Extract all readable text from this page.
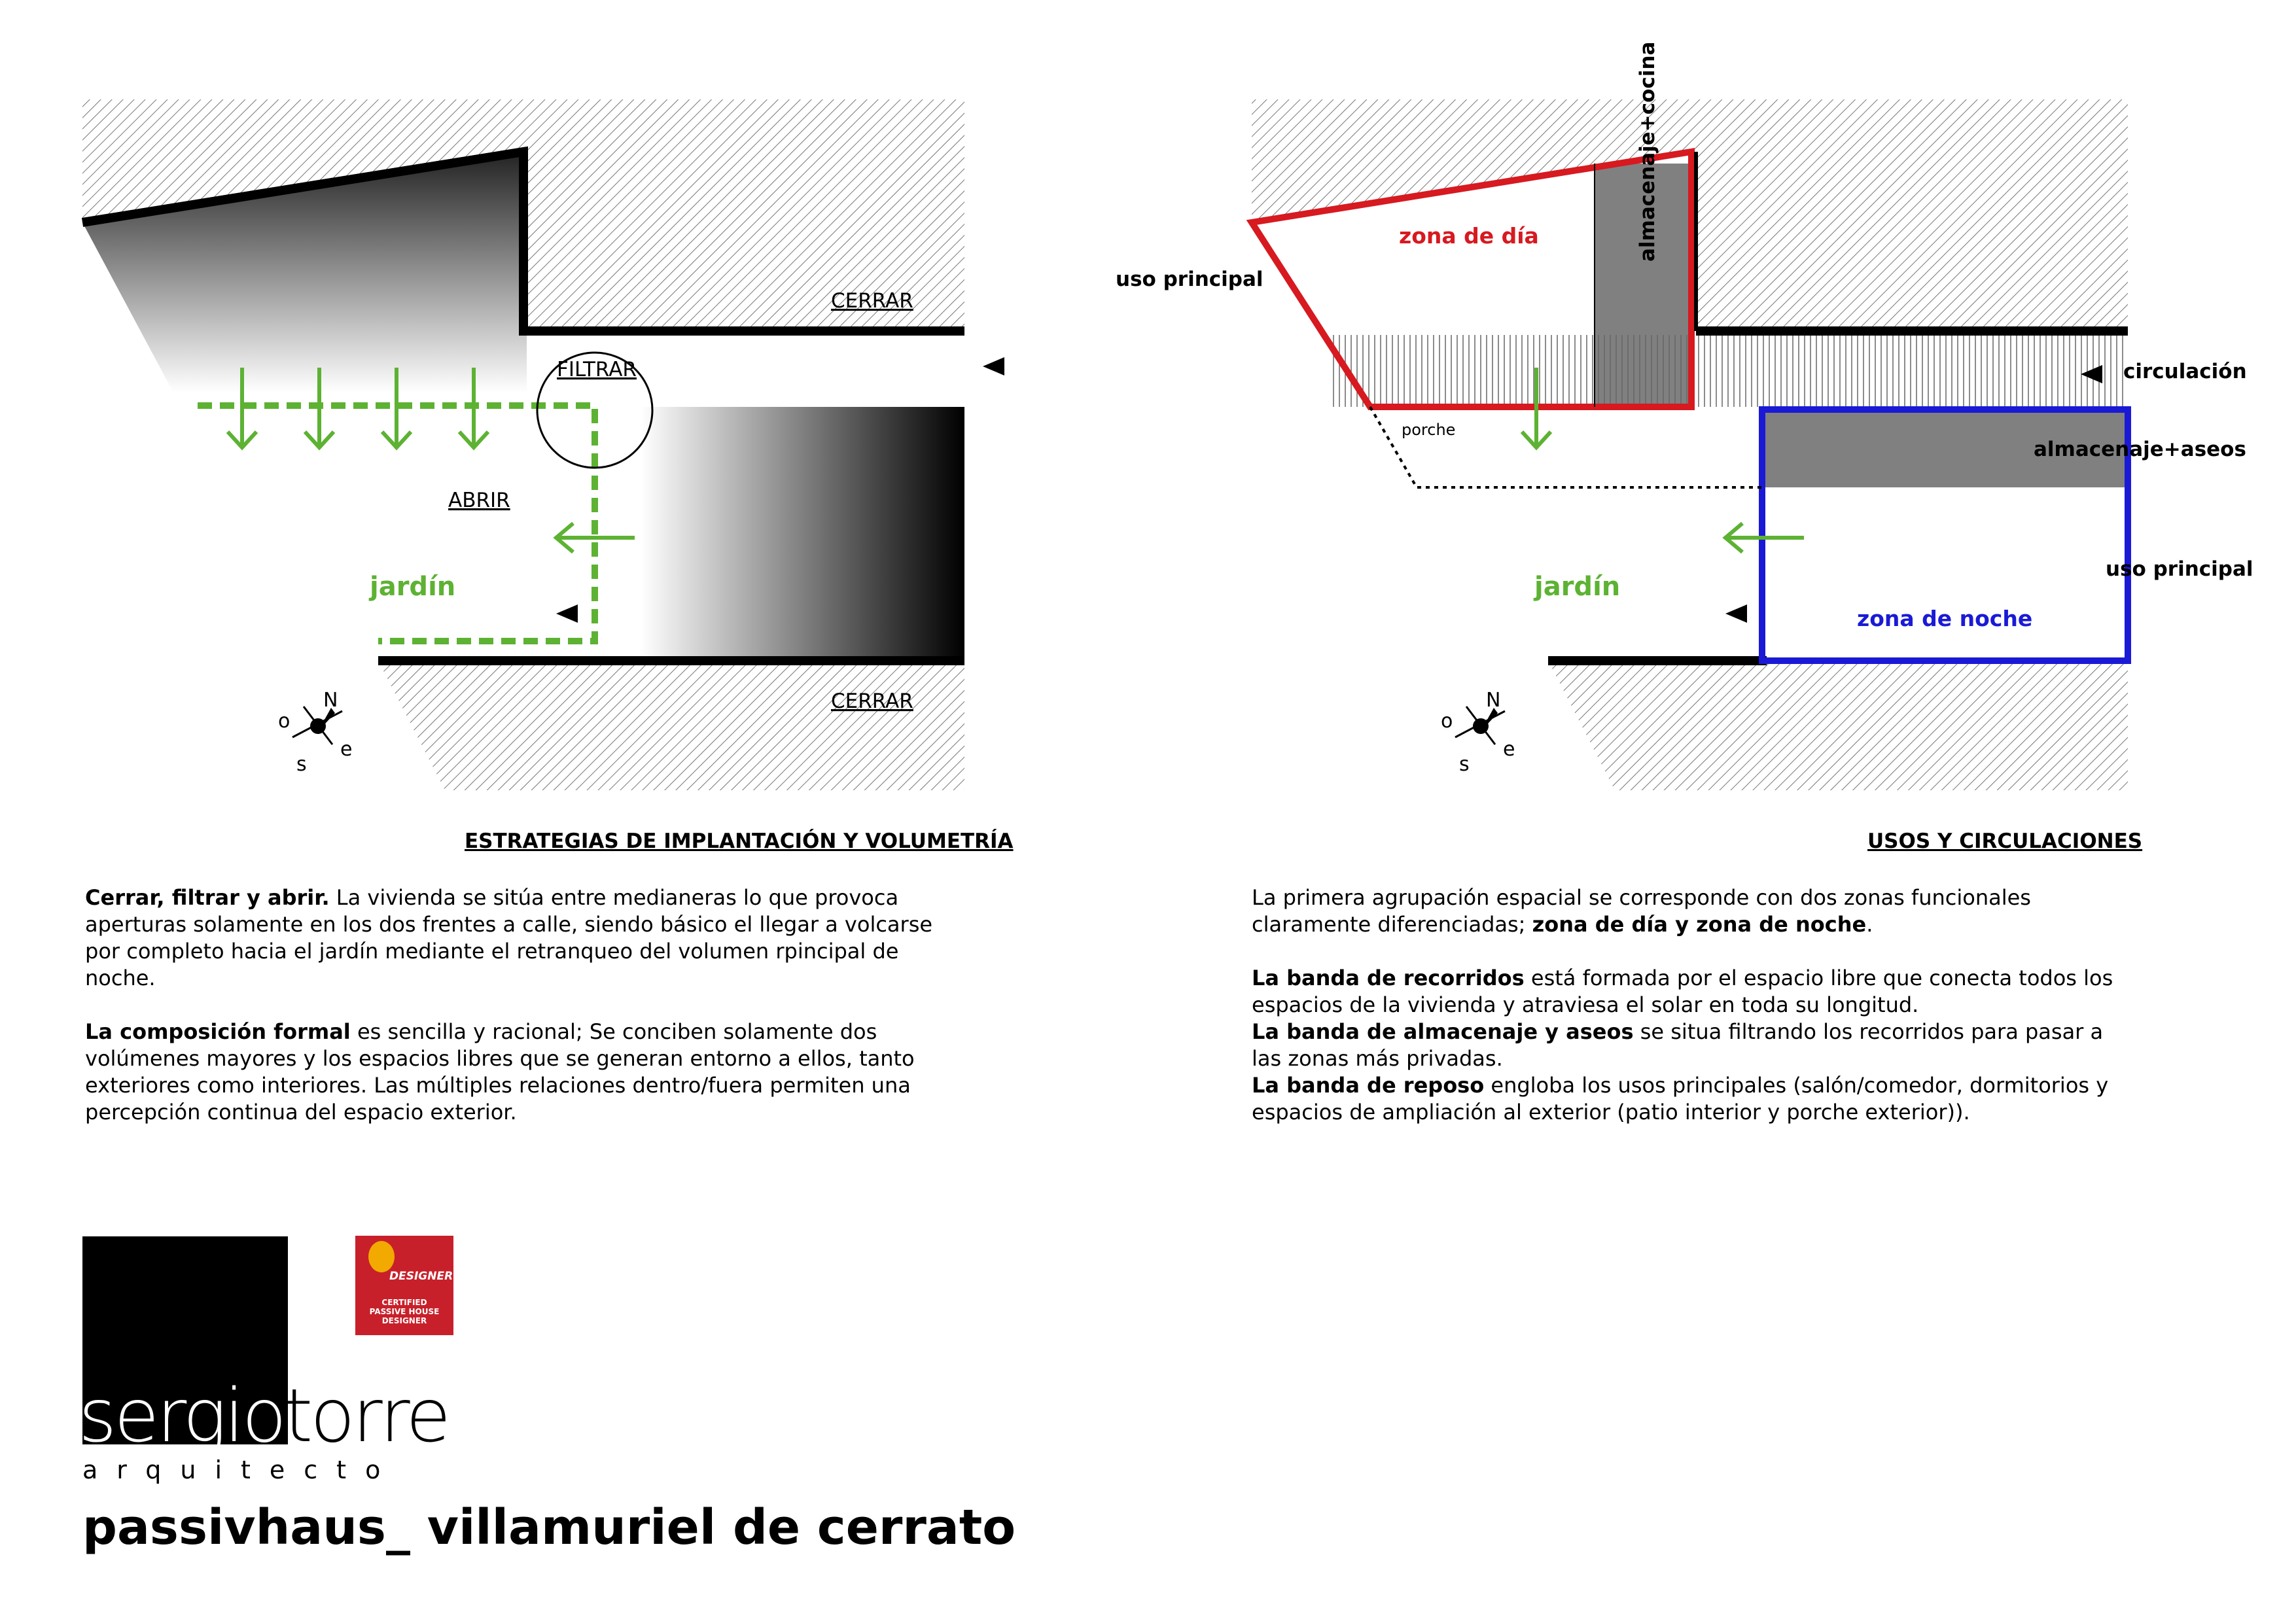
CERRAR
FILTRAR
ABRIR
jardín
CERRAR
N
o
e
s
uso principal
zona de día	almacenaje+cocina
circulación
porche
almacenaje+aseos
uso principal
jardín
zona de noche
N
o
e
s
ESTRATEGIAS DE IMPLANTACIÓN Y VOLUMETRÍA	USOS Y CIRCULACIONES

Cerrar, filtrar y abrir. La vivienda se sitúa entre medianeras lo que provoca aperturas solamente en los dos frentes a calle, siendo básico el llegar a volcarse por completo hacia el jardín mediante el retranqueo del volumen rpincipal de noche.

La composición formal es sencilla y racional; Se conciben solamente dos volúmenes mayores y los espacios libres que se generan entorno a ellos, tanto exteriores como interiores. Las múltiples relaciones dentro/fuera permiten una percepción continua del espacio exterior.

La primera agrupación espacial se corresponde con dos zonas funcionales claramente diferenciadas; zona de día y zona de noche.

La banda de recorridos está formada por el espacio libre que conecta todos los espacios de la vivienda y atraviesa el solar en toda su longitud.

La banda de almacenaje y aseos se situa filtrando los recorridos para pasar a las zonas más privadas.

La banda de reposo engloba los usos principales (salón/comedor, dormitorios y espacios de ampliación al exterior (patio interior y porche exterior)).

sergiotorre
arquitecto
DESIGNER
CERTIFIED
PASSIVE HOUSE
DESIGNER
passivhaus_ villamuriel de cerrato
